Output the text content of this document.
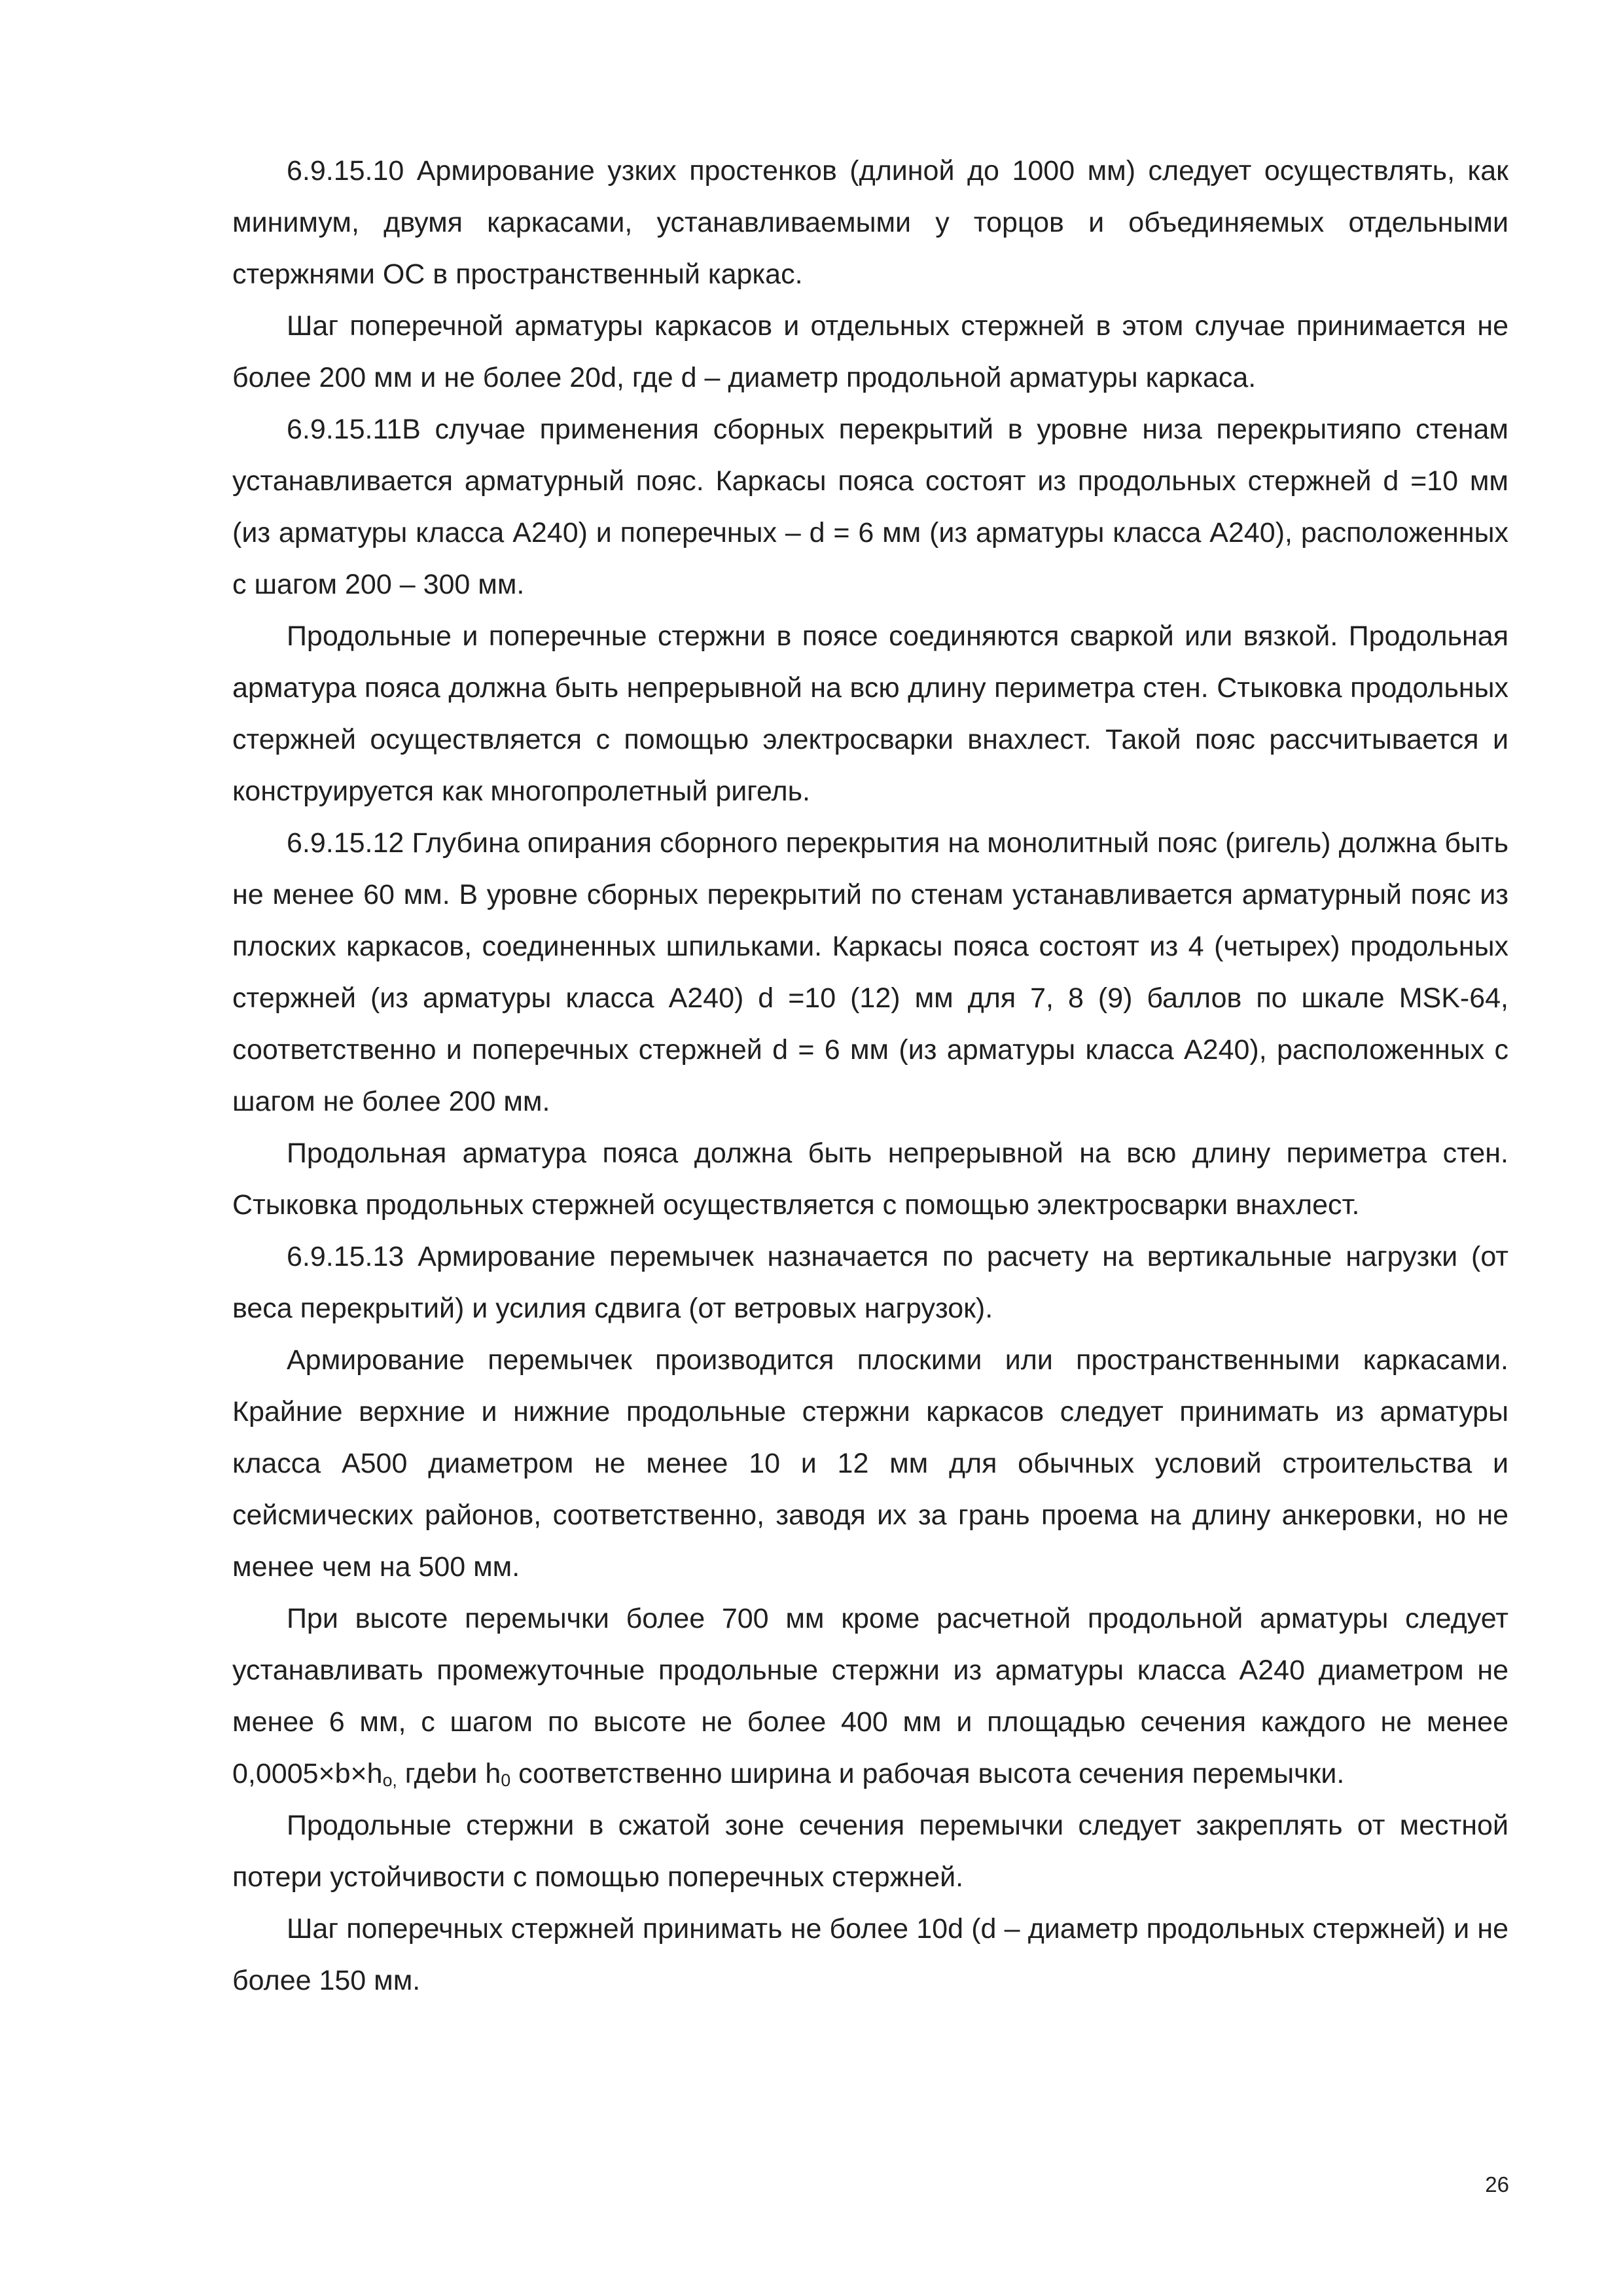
6.9.15.10 Армирование узких простенков (длиной до 1000 мм) следует осуществлять, как минимум, двумя каркасами, устанавливаемыми у торцов и объединяемых отдельными стержнями ОС в пространственный каркас.

Шаг поперечной арматуры каркасов и отдельных стержней в этом случае принимается не более 200 мм и не более 20d, где d – диаметр продольной арматуры каркаса.

6.9.15.11В случае применения сборных перекрытий в уровне низа перекрытияпо стенам устанавливается арматурный пояс. Каркасы пояса состоят из продольных стержней d =10 мм (из арматуры класса А240) и поперечных – d = 6 мм (из арматуры класса А240), расположенных с шагом 200 – 300 мм.

Продольные и поперечные стержни в поясе соединяются сваркой или вязкой. Продольная арматура пояса должна быть непрерывной на всю длину периметра стен. Стыковка продольных стержней осуществляется с помощью электросварки внахлест. Такой пояс рассчитывается и конструируется как многопролетный ригель.

6.9.15.12 Глубина опирания сборного перекрытия на монолитный пояс (ригель) должна быть не менее 60 мм. В уровне сборных перекрытий по стенам устанавливается арматурный пояс из плоских каркасов, соединенных шпильками. Каркасы пояса состоят из 4 (четырех) продольных стержней (из арматуры класса А240) d =10 (12) мм для 7, 8 (9) баллов по шкале MSK-64, соответственно и поперечных стержней d = 6 мм (из арматуры класса А240), расположенных с шагом не более 200 мм.

Продольная арматура пояса должна быть непрерывной на всю длину периметра стен. Стыковка продольных стержней осуществляется с помощью электросварки внахлест.

6.9.15.13 Армирование перемычек назначается по расчету на вертикальные нагрузки (от веса перекрытий) и усилия сдвига (от ветровых нагрузок).

Армирование перемычек производится плоскими или пространственными каркасами. Крайние верхние и нижние продольные стержни каркасов следует принимать из арматуры класса А500 диаметром не менее 10 и 12 мм для обычных условий строительства и сейсмических районов, соответственно, заводя их за грань проема на длину анкеровки, но не менее чем на 500 мм.

При высоте перемычки более 700 мм кроме расчетной продольной арматуры следует устанавливать промежуточные продольные стержни из арматуры класса А240 диаметром не менее 6 мм, с шагом по высоте не более 400 мм и площадью сечения каждого не менее $0,0005\times b\times h_{o,}$ гдеbи $h_0$ соответственно ширина и рабочая высота сечения перемычки.

Продольные стержни в сжатой зоне сечения перемычки следует закреплять от местной потери устойчивости с помощью поперечных стержней.

Шаг поперечных стержней принимать не более 10d (d – диаметр продольных стержней) и не более 150 мм.

26
